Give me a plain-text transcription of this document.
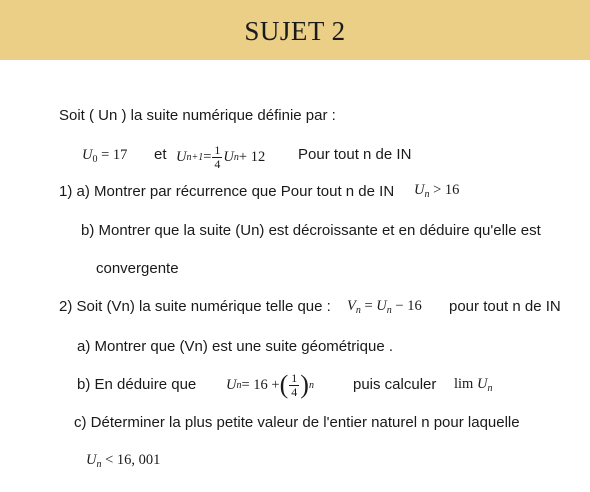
SUJET 2
Soit ( Un ) la suite numérique définie par :
$U_0 = 17$ et U $n+1 = \frac{1}{4}$ U n + 12 Pour tout n de IN
1) a) Montrer par récurrence que Pour tout n de IN $U_n > 16$
b) Montrer que la suite (Un) est décroissante et en déduire qu'elle est
convergente
2) Soit (Vn) la suite numérique telle que : $V_n = U_n - 16$ pour tout n de IN
a) Montrer que (Vn) est une suite géométrique .
b) En déduire que U n = 16 + ( $\frac{1}{4}$ ) n	puis calculer $\lim U_n$
c) Déterminer la plus petite valeur de l'entier naturel n pour laquelle
$U_n < 16$, 001
